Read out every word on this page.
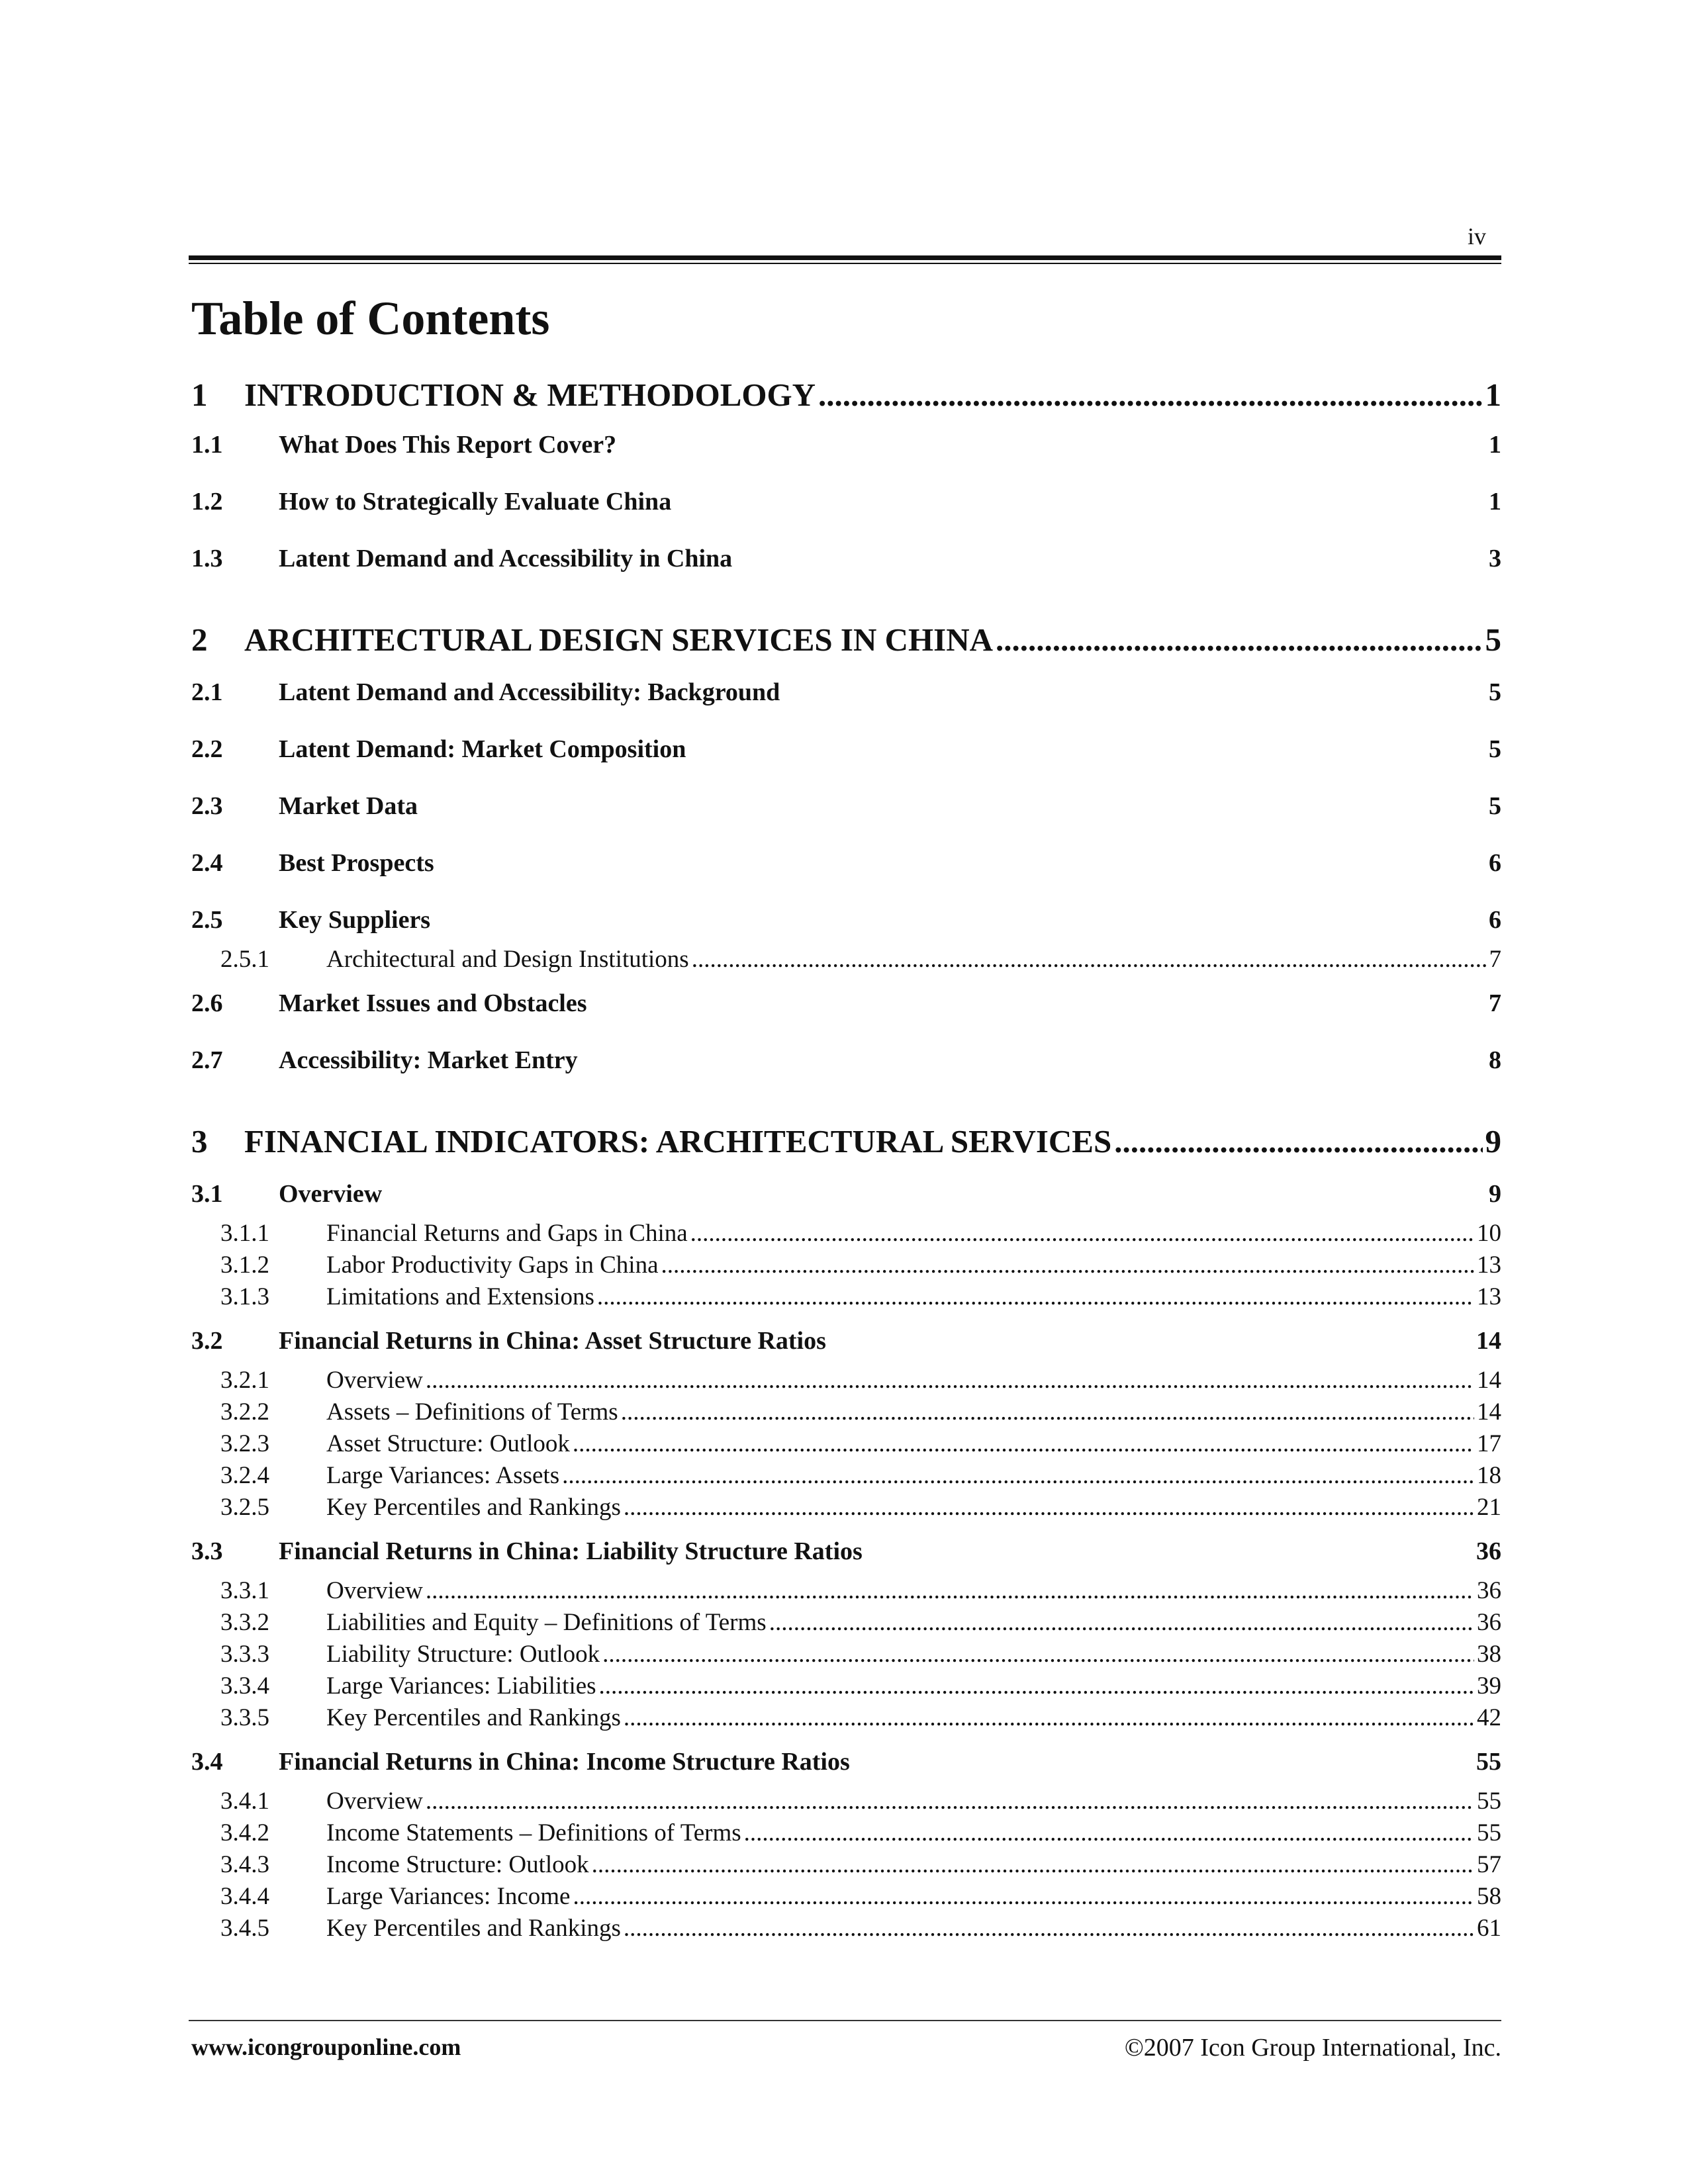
iv
Table of Contents
1	INTRODUCTION & METHODOLOGY .....	1
1.1	What Does This Report Cover?	1
1.2	How to Strategically Evaluate China	1
1.3	Latent Demand and Accessibility in China	3
2	ARCHITECTURAL DESIGN SERVICES IN CHINA .....	5
2.1	Latent Demand and Accessibility: Background	5
2.2	Latent Demand: Market Composition	5
2.3	Market Data	5
2.4	Best Prospects	6
2.5	Key Suppliers	6
2.5.1	Architectural and Design Institutions .....	7
2.6	Market Issues and Obstacles	7
2.7	Accessibility: Market Entry	8
3	FINANCIAL INDICATORS: ARCHITECTURAL SERVICES .....	9
3.1	Overview	9
3.1.1	Financial Returns and Gaps in China .....	10
3.1.2	Labor Productivity Gaps in China .....	13
3.1.3	Limitations and Extensions .....	13
3.2	Financial Returns in China: Asset Structure Ratios	14
3.2.1	Overview .....	14
3.2.2	Assets – Definitions of Terms .....	14
3.2.3	Asset Structure: Outlook .....	17
3.2.4	Large Variances: Assets .....	18
3.2.5	Key Percentiles and Rankings .....	21
3.3	Financial Returns in China: Liability Structure Ratios	36
3.3.1	Overview .....	36
3.3.2	Liabilities and Equity – Definitions of Terms .....	36
3.3.3	Liability Structure: Outlook .....	38
3.3.4	Large Variances: Liabilities .....	39
3.3.5	Key Percentiles and Rankings .....	42
3.4	Financial Returns in China: Income Structure Ratios	55
3.4.1	Overview .....	55
3.4.2	Income Statements – Definitions of Terms .....	55
3.4.3	Income Structure: Outlook .....	57
3.4.4	Large Variances: Income .....	58
3.4.5	Key Percentiles and Rankings .....	61
www.icongrouponline.com	©2007 Icon Group International, Inc.
